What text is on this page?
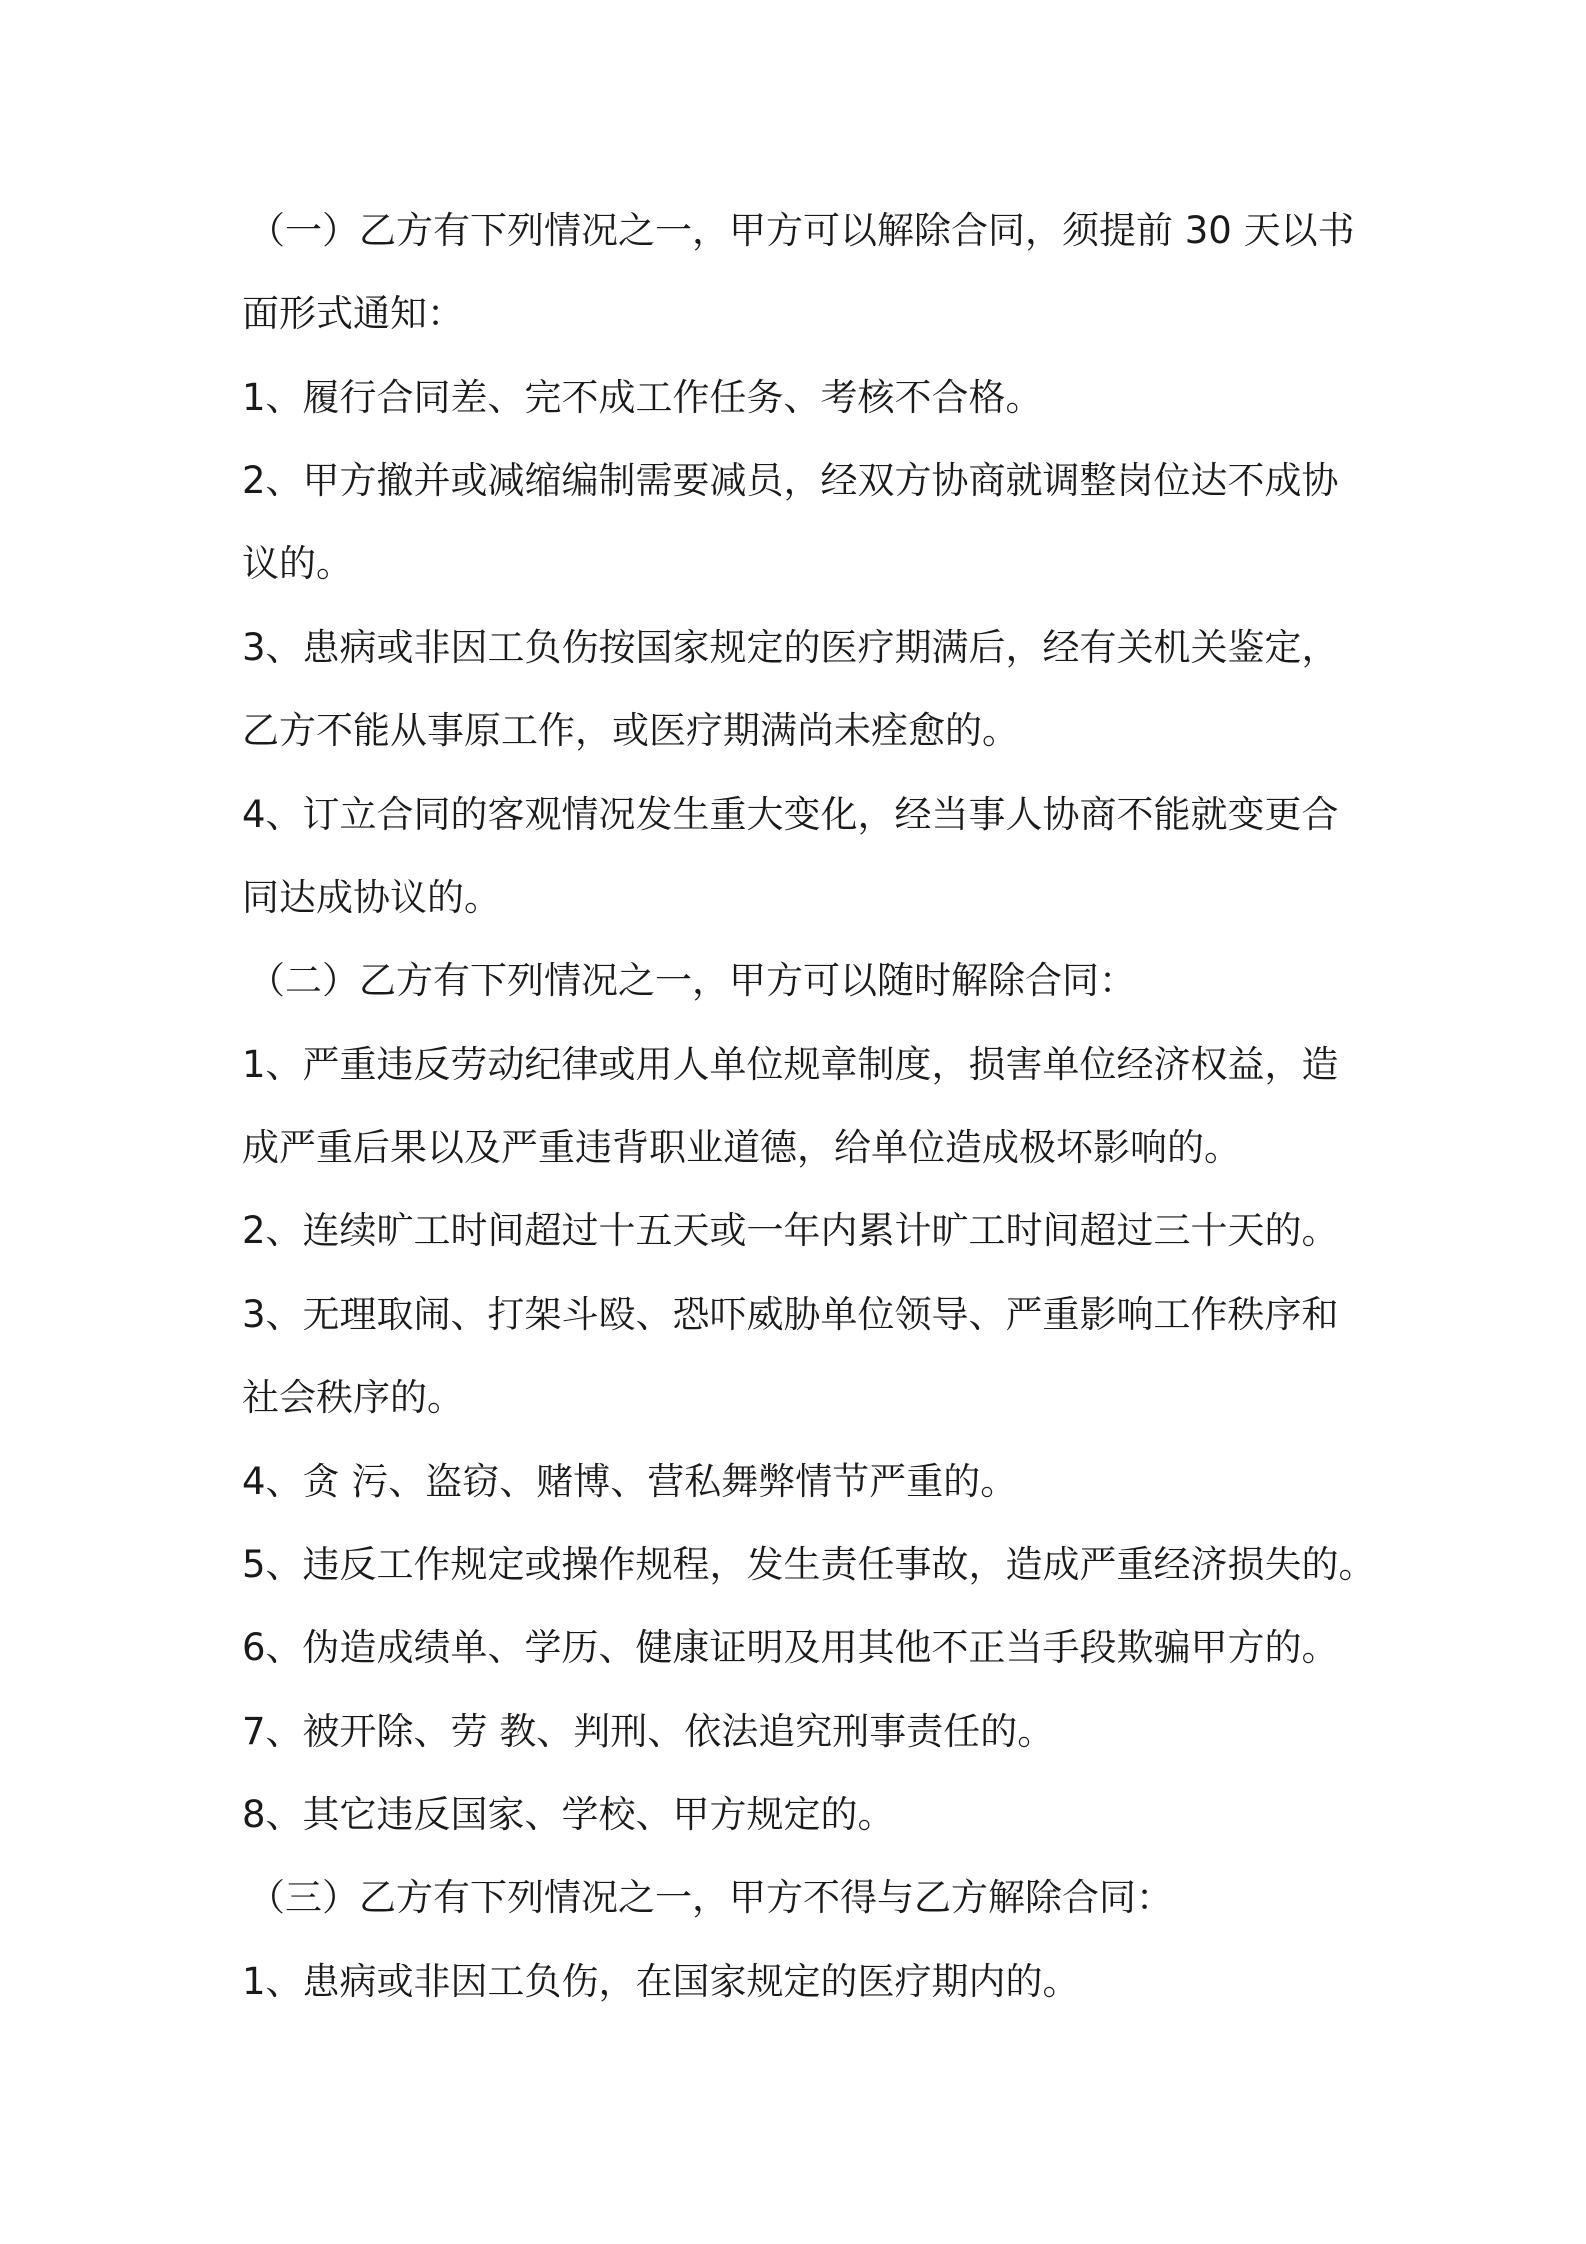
（一）乙方有下列情况之一，甲方可以解除合同，须提前 30 天以书

面形式通知：

1、履行合同差、完不成工作任务、考核不合格。

2、甲方撤并或减缩编制需要减员，经双方协商就调整岗位达不成协

议的。

3、患病或非因工负伤按国家规定的医疗期满后，经有关机关鉴定，

乙方不能从事原工作，或医疗期满尚未痊愈的。

4、订立合同的客观情况发生重大变化，经当事人协商不能就变更合

同达成协议的。

（二）乙方有下列情况之一，甲方可以随时解除合同：

1、严重违反劳动纪律或用人单位规章制度，损害单位经济权益，造

成严重后果以及严重违背职业道德，给单位造成极坏影响的。

2、连续旷工时间超过十五天或一年内累计旷工时间超过三十天的。

3、无理取闹、打架斗殴、恐吓威胁单位领导、严重影响工作秩序和

社会秩序的。

4、贪 污、盗窃、赌博、营私舞弊情节严重的。

5、违反工作规定或操作规程，发生责任事故，造成严重经济损失的。

6、伪造成绩单、学历、健康证明及用其他不正当手段欺骗甲方的。

7、被开除、劳 教、判刑、依法追究刑事责任的。

8、其它违反国家、学校、甲方规定的。

（三）乙方有下列情况之一，甲方不得与乙方解除合同：

1、患病或非因工负伤，在国家规定的医疗期内的。
